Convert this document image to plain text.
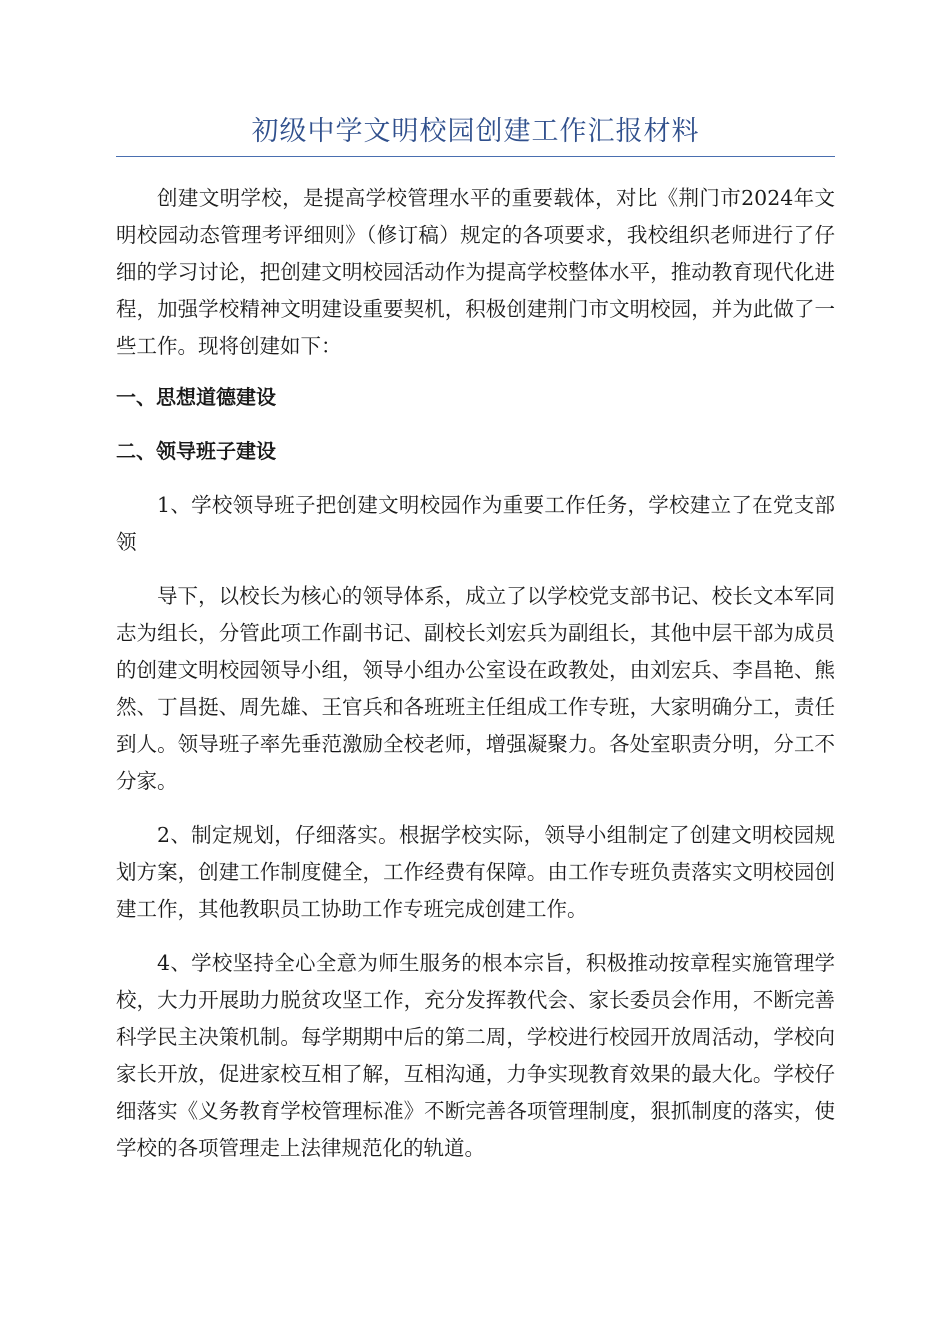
初级中学文明校园创建工作汇报材料

创建文明学校，是提高学校管理水平的重要载体，对比《荆门市2024年文明校园动态管理考评细则》（修订稿）规定的各项要求，我校组织老师进行了仔细的学习讨论，把创建文明校园活动作为提高学校整体水平，推动教育现代化进程，加强学校精神文明建设重要契机，积极创建荆门市文明校园，并为此做了一些工作。现将创建如下：

一、思想道德建设

二、领导班子建设

1、学校领导班子把创建文明校园作为重要工作任务，学校建立了在党支部领

导下，以校长为核心的领导体系，成立了以学校党支部书记、校长文本军同志为组长，分管此项工作副书记、副校长刘宏兵为副组长，其他中层干部为成员的创建文明校园领导小组，领导小组办公室设在政教处，由刘宏兵、李昌艳、熊然、丁昌挺、周先雄、王官兵和各班班主任组成工作专班，大家明确分工，责任到人。领导班子率先垂范激励全校老师，增强凝聚力。各处室职责分明，分工不分家。

2、制定规划，仔细落实。根据学校实际，领导小组制定了创建文明校园规划方案，创建工作制度健全，工作经费有保障。由工作专班负责落实文明校园创建工作，其他教职员工协助工作专班完成创建工作。

4、学校坚持全心全意为师生服务的根本宗旨，积极推动按章程实施管理学校，大力开展助力脱贫攻坚工作，充分发挥教代会、家长委员会作用，不断完善科学民主决策机制。每学期期中后的第二周，学校进行校园开放周活动，学校向家长开放，促进家校互相了解，互相沟通，力争实现教育效果的最大化。学校仔细落实《义务教育学校管理标准》不断完善各项管理制度，狠抓制度的落实，使学校的各项管理走上法律规范化的轨道。
